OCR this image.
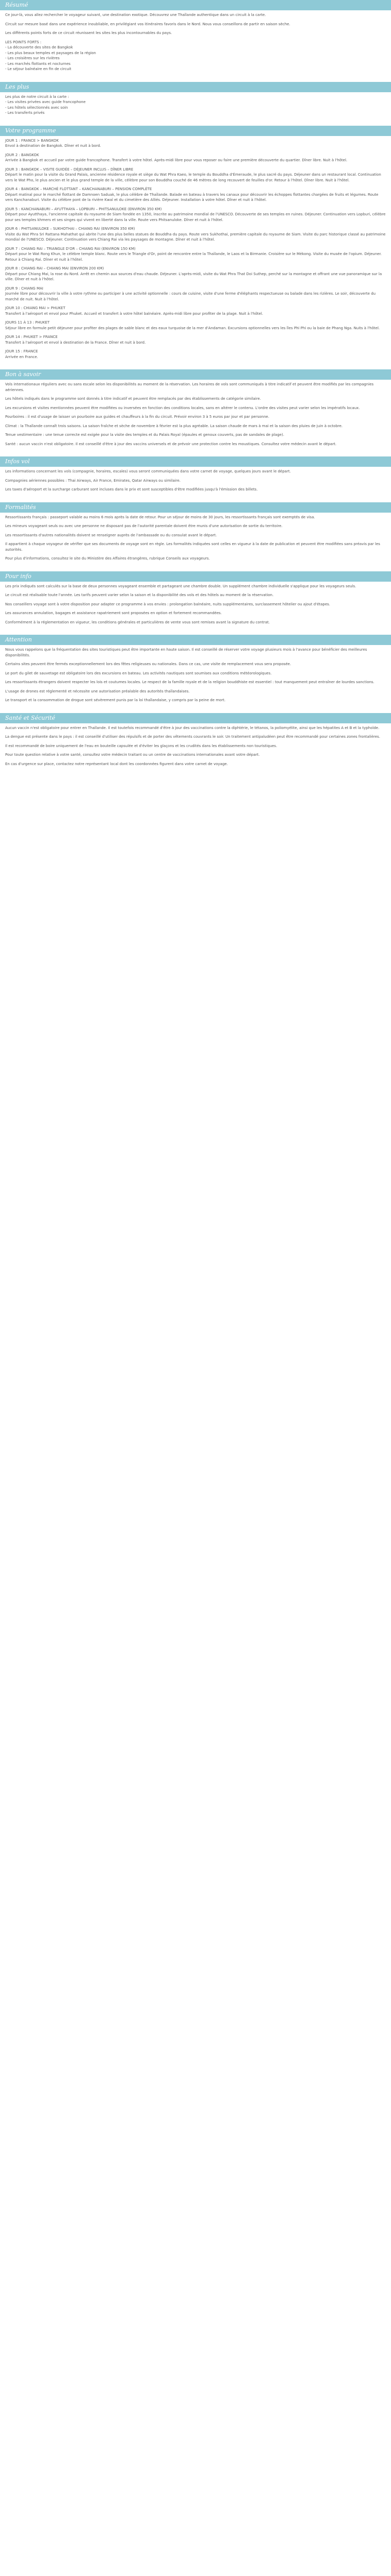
Résumé
Ce jour-là, vous allez rechercher le voyageur suivant, une destination exotique. Découvrez une Thaïlande authentique dans un circuit à la carte.
Circuit sur mesure basé dans une expérience inoubliable, en privilégiant vos itinéraires favoris dans le Nord. Nous vous conseillons de partir en saison sèche.
Les différents points forts de ce circuit réunissent les sites les plus incontournables du pays.
LES POINTS FORTS :
- La découverte des sites de Bangkok
- Les plus beaux temples et paysages de la région
- Les croisières sur les rivières
- Les marchés flottants et nocturnes
- Le séjour balnéaire en fin de circuit
Les plus
Les plus de notre circuit à la carte :
- Les visites privées avec guide francophone
- Les hôtels sélectionnés avec soin
- Les transferts privés
Votre programme
JOUR 1 : FRANCE > BANGKOK
Envol à destination de Bangkok. Dîner et nuit à bord.
JOUR 2 : BANGKOK
Arrivée à Bangkok et accueil par votre guide francophone. Transfert à votre hôtel. Après-midi libre pour vous reposer ou faire une première découverte du quartier. Dîner libre. Nuit à l'hôtel.
JOUR 3 : BANGKOK – VISITE GUIDÉE – DÉJEUNER INCLUS – DÎNER LIBRE
Départ le matin pour la visite du Grand Palais, ancienne résidence royale et siège du Wat Phra Kaeo, le temple du Bouddha d'Émeraude, le plus sacré du pays. Déjeuner dans un restaurant local. Continuation vers le Wat Pho, le plus ancien et le plus grand temple de la ville, célèbre pour son Bouddha couché de 46 mètres de long recouvert de feuilles d'or. Retour à l'hôtel. Dîner libre. Nuit à l'hôtel.
JOUR 4 : BANGKOK – MARCHÉ FLOTTANT – KANCHANABURI – PENSION COMPLÈTE
Départ matinal pour le marché flottant de Damnoen Saduak, le plus célèbre de Thaïlande. Balade en bateau à travers les canaux pour découvrir les échoppes flottantes chargées de fruits et légumes. Route vers Kanchanaburi. Visite du célèbre pont de la rivière Kwaï et du cimetière des Alliés. Déjeuner. Installation à votre hôtel. Dîner et nuit à l'hôtel.
JOUR 5 : KANCHANABURI – AYUTTHAYA – LOPBURI – PHITSANULOKE (ENVIRON 350 KM)
Départ pour Ayutthaya, l'ancienne capitale du royaume de Siam fondée en 1350, inscrite au patrimoine mondial de l'UNESCO. Découverte de ses temples en ruines. Déjeuner. Continuation vers Lopburi, célèbre pour ses temples khmers et ses singes qui vivent en liberté dans la ville. Route vers Phitsanuloke. Dîner et nuit à l'hôtel.
JOUR 6 : PHITSANULOKE – SUKHOTHAI – CHIANG RAI (ENVIRON 350 KM)
Visite du Wat Phra Sri Rattana Mahathat qui abrite l'une des plus belles statues de Bouddha du pays. Route vers Sukhothai, première capitale du royaume de Siam. Visite du parc historique classé au patrimoine mondial de l'UNESCO. Déjeuner. Continuation vers Chiang Rai via les paysages de montagne. Dîner et nuit à l'hôtel.
JOUR 7 : CHIANG RAI – TRIANGLE D'OR – CHIANG RAI (ENVIRON 150 KM)
Départ pour le Wat Rong Khun, le célèbre temple blanc. Route vers le Triangle d'Or, point de rencontre entre la Thaïlande, le Laos et la Birmanie. Croisière sur le Mékong. Visite du musée de l'opium. Déjeuner. Retour à Chiang Rai. Dîner et nuit à l'hôtel.
JOUR 8 : CHIANG RAI – CHIANG MAI (ENVIRON 200 KM)
Départ pour Chiang Mai, la rose du Nord. Arrêt en chemin aux sources d'eau chaude. Déjeuner. L'après-midi, visite du Wat Phra That Doi Suthep, perché sur la montagne et offrant une vue panoramique sur la ville. Dîner et nuit à l'hôtel.
JOUR 9 : CHIANG MAI
Journée libre pour découvrir la ville à votre rythme ou participer à une activité optionnelle : cours de cuisine, visite d'une ferme d'éléphants respectueuse ou balade dans les rizières. Le soir, découverte du marché de nuit. Nuit à l'hôtel.
JOUR 10 : CHIANG MAI > PHUKET
Transfert à l'aéroport et envol pour Phuket. Accueil et transfert à votre hôtel balnéaire. Après-midi libre pour profiter de la plage. Nuit à l'hôtel.
JOURS 11 À 13 : PHUKET
Séjour libre en formule petit déjeuner pour profiter des plages de sable blanc et des eaux turquoise de la mer d'Andaman. Excursions optionnelles vers les îles Phi Phi ou la baie de Phang Nga. Nuits à l'hôtel.
JOUR 14 : PHUKET > FRANCE
Transfert à l'aéroport et envol à destination de la France. Dîner et nuit à bord.
JOUR 15 : FRANCE
Arrivée en France.
Bon à savoir
Vols internationaux réguliers avec ou sans escale selon les disponibilités au moment de la réservation. Les horaires de vols sont communiqués à titre indicatif et peuvent être modifiés par les compagnies aériennes.
Les hôtels indiqués dans le programme sont donnés à titre indicatif et peuvent être remplacés par des établissements de catégorie similaire.
Les excursions et visites mentionnées peuvent être modifiées ou inversées en fonction des conditions locales, sans en altérer le contenu. L'ordre des visites peut varier selon les impératifs locaux.
Pourboires : il est d'usage de laisser un pourboire aux guides et chauffeurs à la fin du circuit. Prévoir environ 3 à 5 euros par jour et par personne.
Climat : la Thaïlande connaît trois saisons. La saison fraîche et sèche de novembre à février est la plus agréable. La saison chaude de mars à mai et la saison des pluies de juin à octobre.
Tenue vestimentaire : une tenue correcte est exigée pour la visite des temples et du Palais Royal (épaules et genoux couverts, pas de sandales de plage).
Santé : aucun vaccin n'est obligatoire. Il est conseillé d'être à jour des vaccins universels et de prévoir une protection contre les moustiques. Consultez votre médecin avant le départ.
Infos vol
Les informations concernant les vols (compagnie, horaires, escales) vous seront communiquées dans votre carnet de voyage, quelques jours avant le départ.
Compagnies aériennes possibles : Thai Airways, Air France, Emirates, Qatar Airways ou similaire.
Les taxes d'aéroport et la surcharge carburant sont incluses dans le prix et sont susceptibles d'être modifiées jusqu'à l'émission des billets.
Formalités
Ressortissants français : passeport valable au moins 6 mois après la date de retour. Pour un séjour de moins de 30 jours, les ressortissants français sont exemptés de visa.
Les mineurs voyageant seuls ou avec une personne ne disposant pas de l'autorité parentale doivent être munis d'une autorisation de sortie du territoire.
Les ressortissants d'autres nationalités doivent se renseigner auprès de l'ambassade ou du consulat avant le départ.
Il appartient à chaque voyageur de vérifier que ses documents de voyage sont en règle. Les formalités indiquées sont celles en vigueur à la date de publication et peuvent être modifiées sans préavis par les autorités.
Pour plus d'informations, consultez le site du Ministère des Affaires étrangères, rubrique Conseils aux voyageurs.
Pour info
Les prix indiqués sont calculés sur la base de deux personnes voyageant ensemble et partageant une chambre double. Un supplément chambre individuelle s'applique pour les voyageurs seuls.
Le circuit est réalisable toute l'année. Les tarifs peuvent varier selon la saison et la disponibilité des vols et des hôtels au moment de la réservation.
Nos conseillers voyage sont à votre disposition pour adapter ce programme à vos envies : prolongation balnéaire, nuits supplémentaires, surclassement hôtelier ou ajout d'étapes.
Les assurances annulation, bagages et assistance rapatriement sont proposées en option et fortement recommandées.
Conformément à la réglementation en vigueur, les conditions générales et particulières de vente vous sont remises avant la signature du contrat.
Attention
Nous vous rappelons que la fréquentation des sites touristiques peut être importante en haute saison. Il est conseillé de réserver votre voyage plusieurs mois à l'avance pour bénéficier des meilleures disponibilités.
Certains sites peuvent être fermés exceptionnellement lors des fêtes religieuses ou nationales. Dans ce cas, une visite de remplacement vous sera proposée.
Le port du gilet de sauvetage est obligatoire lors des excursions en bateau. Les activités nautiques sont soumises aux conditions météorologiques.
Les ressortissants étrangers doivent respecter les lois et coutumes locales. Le respect de la famille royale et de la religion bouddhiste est essentiel : tout manquement peut entraîner de lourdes sanctions.
L'usage de drones est réglementé et nécessite une autorisation préalable des autorités thaïlandaises.
Le transport et la consommation de drogue sont sévèrement punis par la loi thaïlandaise, y compris par la peine de mort.
Santé et Sécurité
Aucun vaccin n'est obligatoire pour entrer en Thaïlande. Il est toutefois recommandé d'être à jour des vaccinations contre la diphtérie, le tétanos, la poliomyélite, ainsi que les hépatites A et B et la typhoïde.
La dengue est présente dans le pays : il est conseillé d'utiliser des répulsifs et de porter des vêtements couvrants le soir. Un traitement antipaludéen peut être recommandé pour certaines zones frontalières.
Il est recommandé de boire uniquement de l'eau en bouteille capsulée et d'éviter les glaçons et les crudités dans les établissements non touristiques.
Pour toute question relative à votre santé, consultez votre médecin traitant ou un centre de vaccinations internationales avant votre départ.
En cas d'urgence sur place, contactez notre représentant local dont les coordonnées figurent dans votre carnet de voyage.
